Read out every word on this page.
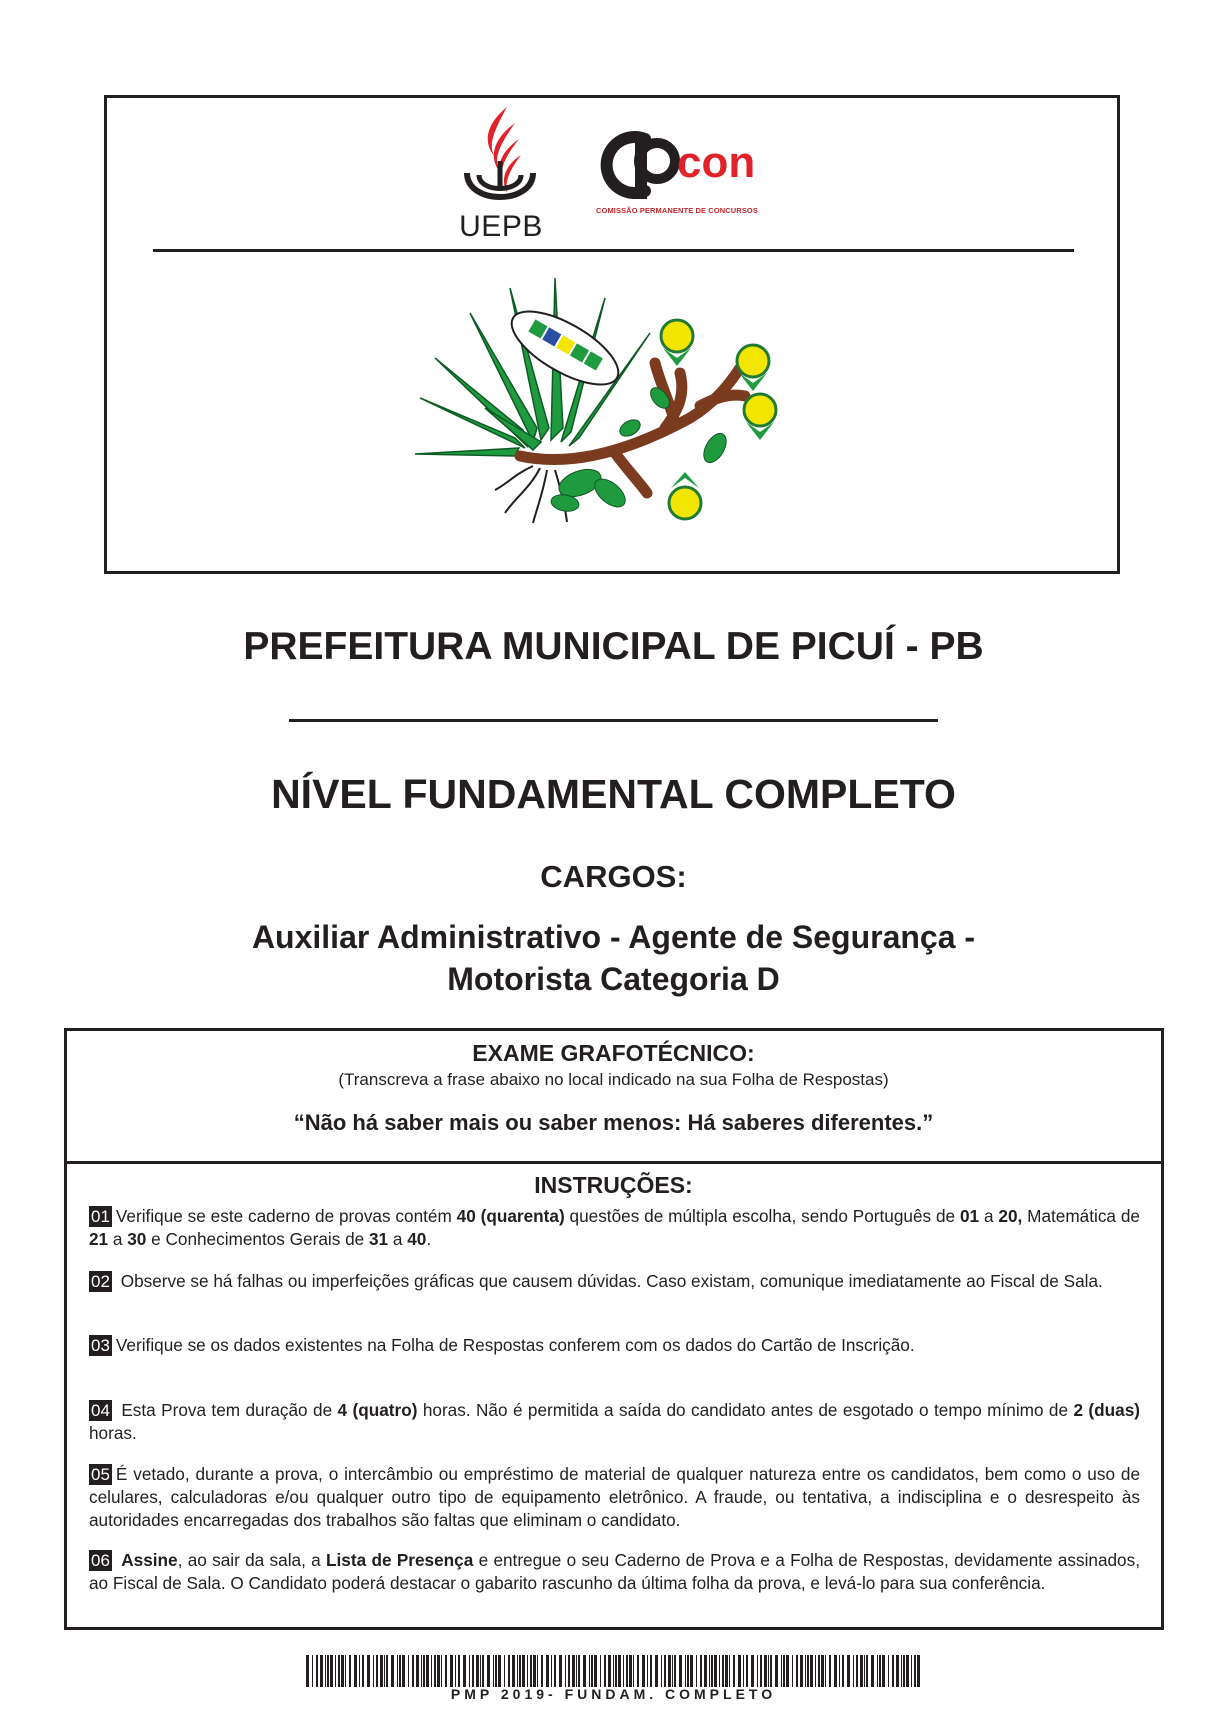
UEPB
con
COMISSÃO PERMANENTE DE CONCURSOS
PREFEITURA MUNICIPAL DE PICUÍ - PB
NÍVEL FUNDAMENTAL COMPLETO
CARGOS:
Auxiliar Administrativo - Agente de Segurança -
Motorista Categoria D
EXAME GRAFOTÉCNICO:
(Transcreva a frase abaixo no local indicado na sua Folha de Respostas)
“Não há saber mais ou saber menos: Há saberes diferentes.”
INSTRUÇÕES:
01 Verifique se este caderno de provas contém 40 (quarenta) questões de múltipla escolha, sendo Português de 01 a 20, Matemática de 21 a 30 e Conhecimentos Gerais de 31 a 40.
02 Observe se há falhas ou imperfeições gráficas que causem dúvidas. Caso existam, comunique imediatamente ao Fiscal de Sala.
03 Verifique se os dados existentes na Folha de Respostas conferem com os dados do Cartão de Inscrição.
04 Esta Prova tem duração de 4 (quatro) horas. Não é permitida a saída do candidato antes de esgotado o tempo mínimo de 2 (duas) horas.
05 É vetado, durante a prova, o intercâmbio ou empréstimo de material de qualquer natureza entre os candidatos, bem como o uso de celulares, calculadoras e/ou qualquer outro tipo de equipamento eletrônico. A fraude, ou tentativa, a indisciplina e o desrespeito às autoridades encarregadas dos trabalhos são faltas que eliminam o candidato.
06 Assine, ao sair da sala, a Lista de Presença e entregue o seu Caderno de Prova e a Folha de Respostas, devidamente assinados, ao Fiscal de Sala. O Candidato poderá destacar o gabarito rascunho da última folha da prova, e levá-lo para sua conferência.
PMP 2019- FUNDAM. COMPLETO
